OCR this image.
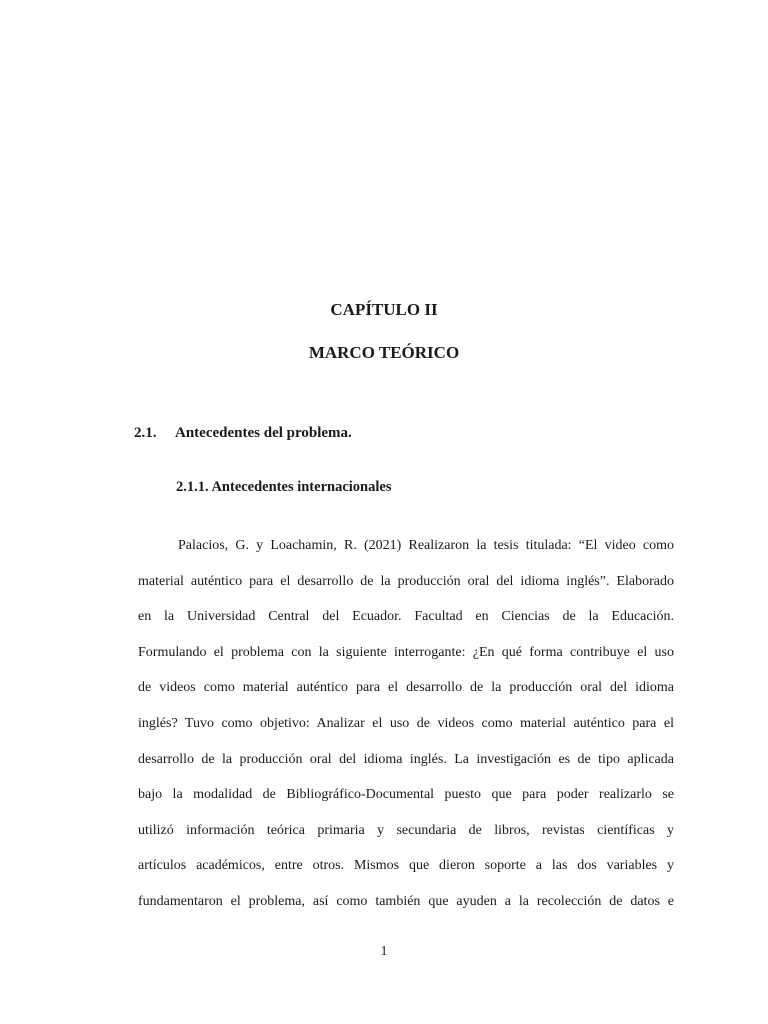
CAPÍTULO II
MARCO TEÓRICO
2.1. Antecedentes del problema.
2.1.1. Antecedentes internacionales
Palacios, G. y Loachamin, R. (2021) Realizaron la tesis titulada: “El video como
material auténtico para el desarrollo de la producción oral del idioma inglés”. Elaborado
en la Universidad Central del Ecuador. Facultad en Ciencias de la Educación.
Formulando el problema con la siguiente interrogante: ¿En qué forma contribuye el uso
de videos como material auténtico para el desarrollo de la producción oral del idioma
inglés? Tuvo como objetivo: Analizar el uso de videos como material auténtico para el
desarrollo de la producción oral del idioma inglés. La investigación es de tipo aplicada
bajo la modalidad de Bibliográfico-Documental puesto que para poder realizarlo se
utilizó información teórica primaria y secundaria de libros, revistas científicas y
artículos académicos, entre otros. Mismos que dieron soporte a las dos variables y
fundamentaron el problema, así como también que ayuden a la recolección de datos e
1
